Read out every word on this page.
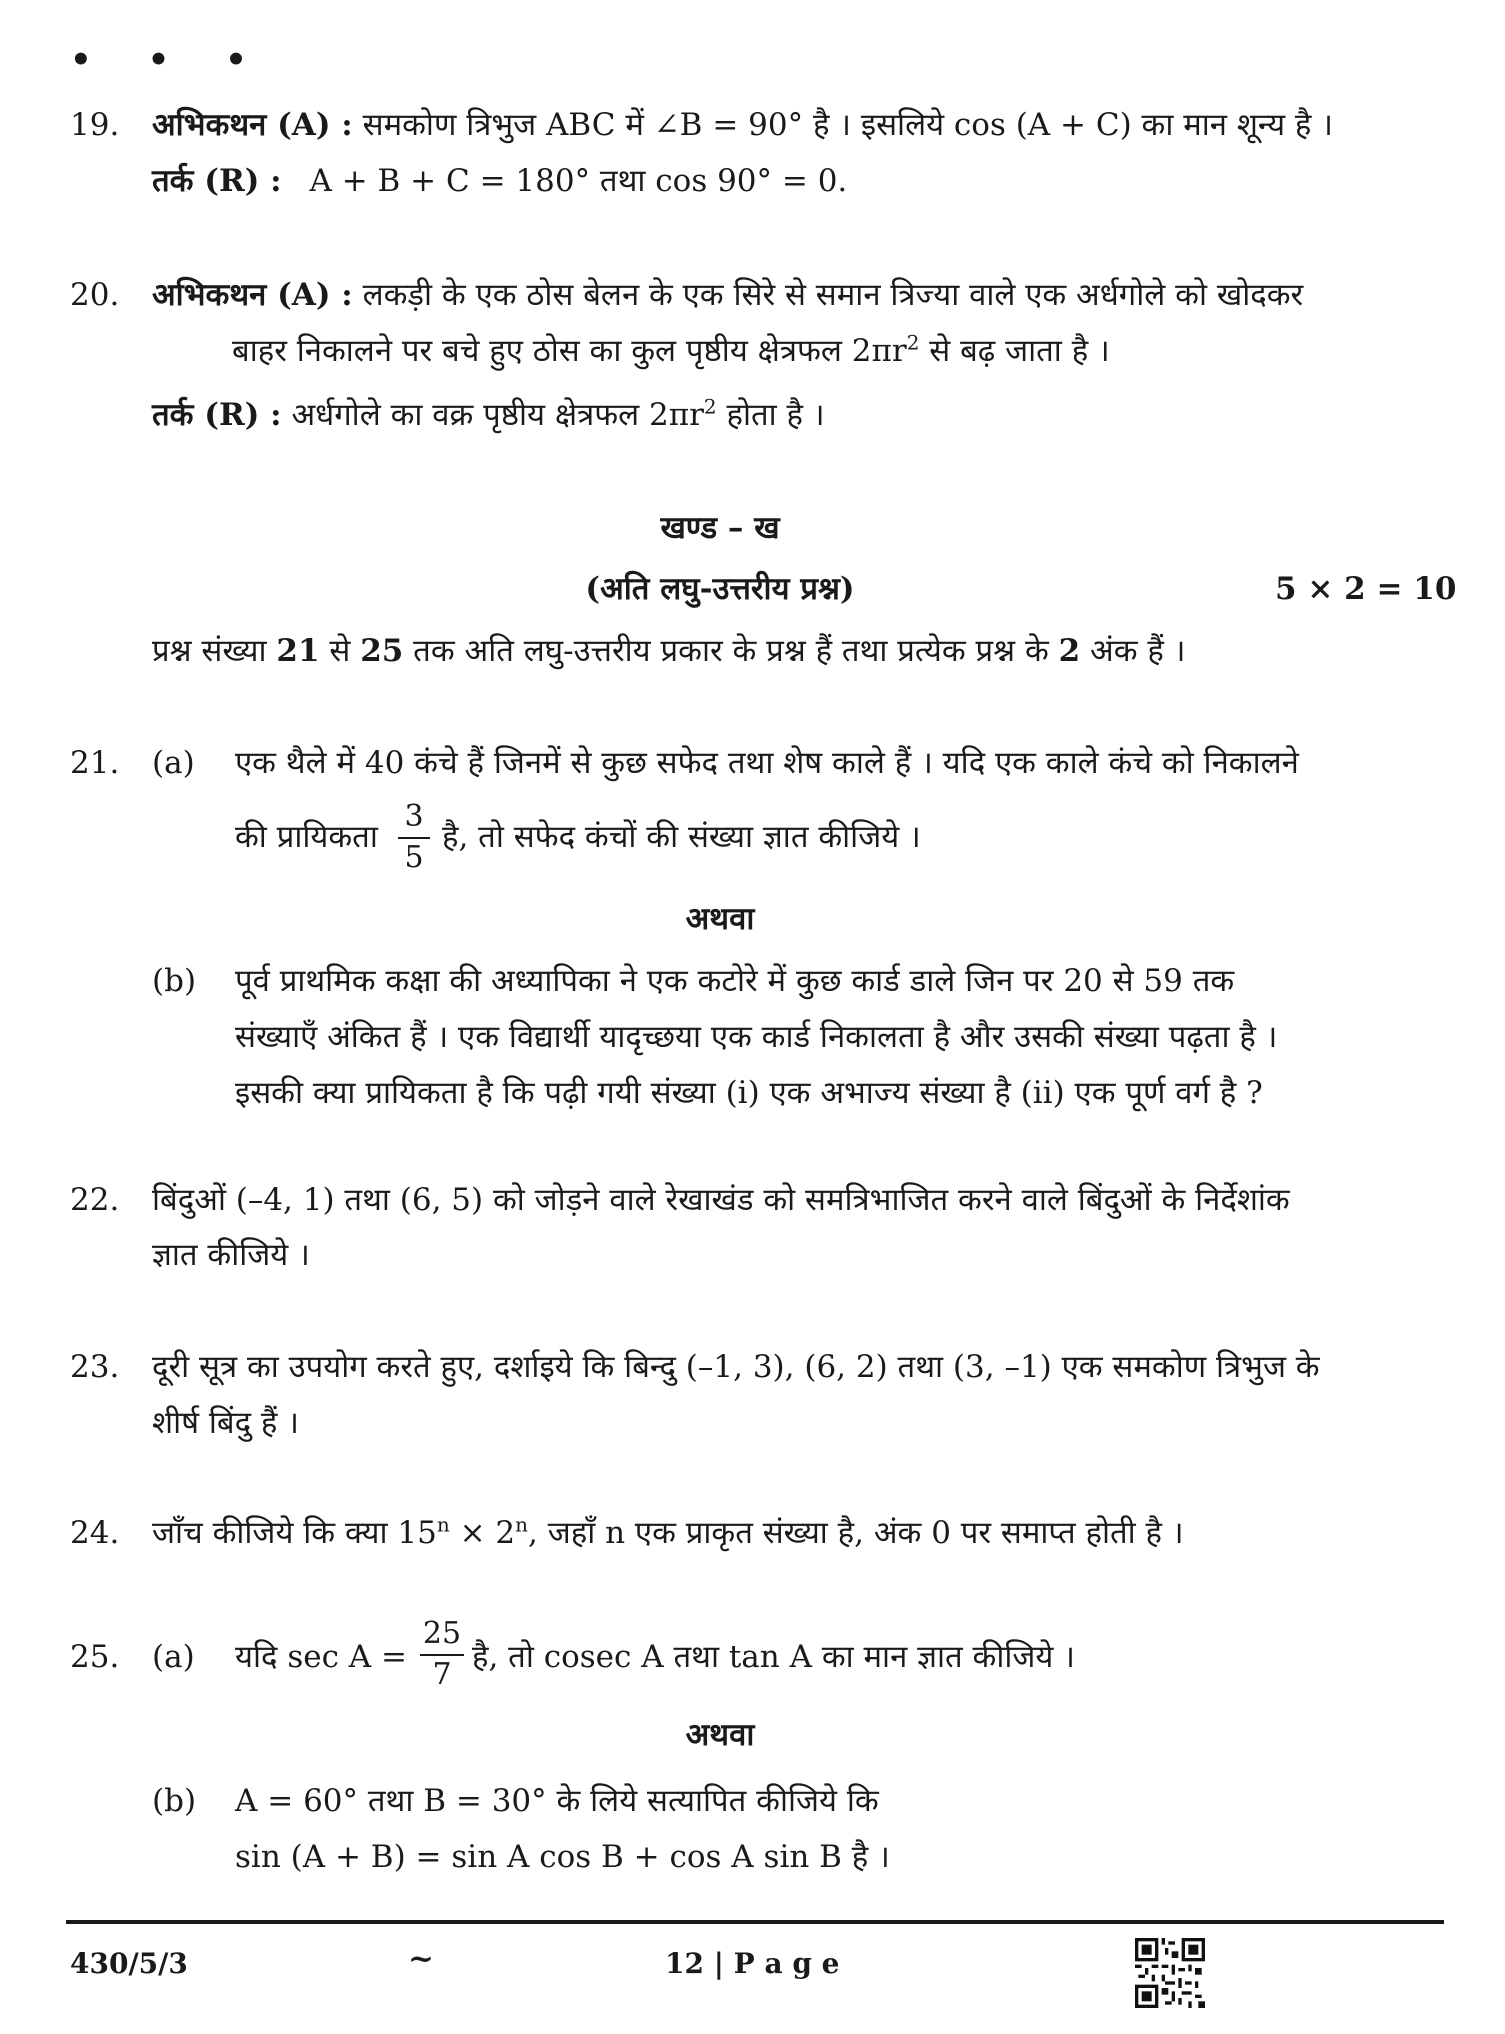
• • •
19. अभिकथन (A) : समकोण त्रिभुज ABC में ∠B = 90° है । इसलिये cos (A + C) का मान शून्य है ।
तर्क (R) : A + B + C = 180° तथा cos 90° = 0.
20. अभिकथन (A) : लकड़ी के एक ठोस बेलन के एक सिरे से समान त्रिज्या वाले एक अर्धगोले को खोदकर
बाहर निकालने पर बचे हुए ठोस का कुल पृष्ठीय क्षेत्रफल $2\pi r^2$ से बढ़ जाता है ।
तर्क (R) : अर्धगोले का वक्र पृष्ठीय क्षेत्रफल $2\pi r^2$ होता है ।
खण्ड – ख
(अति लघु-उत्तरीय प्रश्न)	5 × 2 = 10
प्रश्न संख्या 21 से 25 तक अति लघु-उत्तरीय प्रकार के प्रश्न हैं तथा प्रत्येक प्रश्न के 2 अंक हैं ।
21. (a) एक थैले में 40 कंचे हैं जिनमें से कुछ सफेद तथा शेष काले हैं । यदि एक काले कंचे को निकालने
की प्रायिकता
3
5
है, तो सफेद कंचों की संख्या ज्ञात कीजिये ।
अथवा
(b) पूर्व प्राथमिक कक्षा की अध्यापिका ने एक कटोरे में कुछ कार्ड डाले जिन पर 20 से 59 तक
संख्याएँ अंकित हैं । एक विद्यार्थी यादृच्छया एक कार्ड निकालता है और उसकी संख्या पढ़ता है ।
इसकी क्या प्रायिकता है कि पढ़ी गयी संख्या (i) एक अभाज्य संख्या है (ii) एक पूर्ण वर्ग है ?
22. बिंदुओं (–4, 1) तथा (6, 5) को जोड़ने वाले रेखाखंड को समत्रिभाजित करने वाले बिंदुओं के निर्देशांक
ज्ञात कीजिये ।
23. दूरी सूत्र का उपयोग करते हुए, दर्शाइये कि बिन्दु (–1, 3), (6, 2) तथा (3, –1) एक समकोण त्रिभुज के
शीर्ष बिंदु हैं ।
24. जाँच कीजिये कि क्या $15^n \times 2^n$, जहाँ n एक प्राकृत संख्या है, अंक 0 पर समाप्त होती है ।
25. (a) यदि sec A =
25
7 है, तो cosec A तथा tan A का मान ज्ञात कीजिये ।
अथवा
(b) A = 60° तथा B = 30° के लिये सत्यापित कीजिये कि
sin (A + B) = sin A cos B + cos A sin B है ।
430/5/3	~	12 | P a g e
